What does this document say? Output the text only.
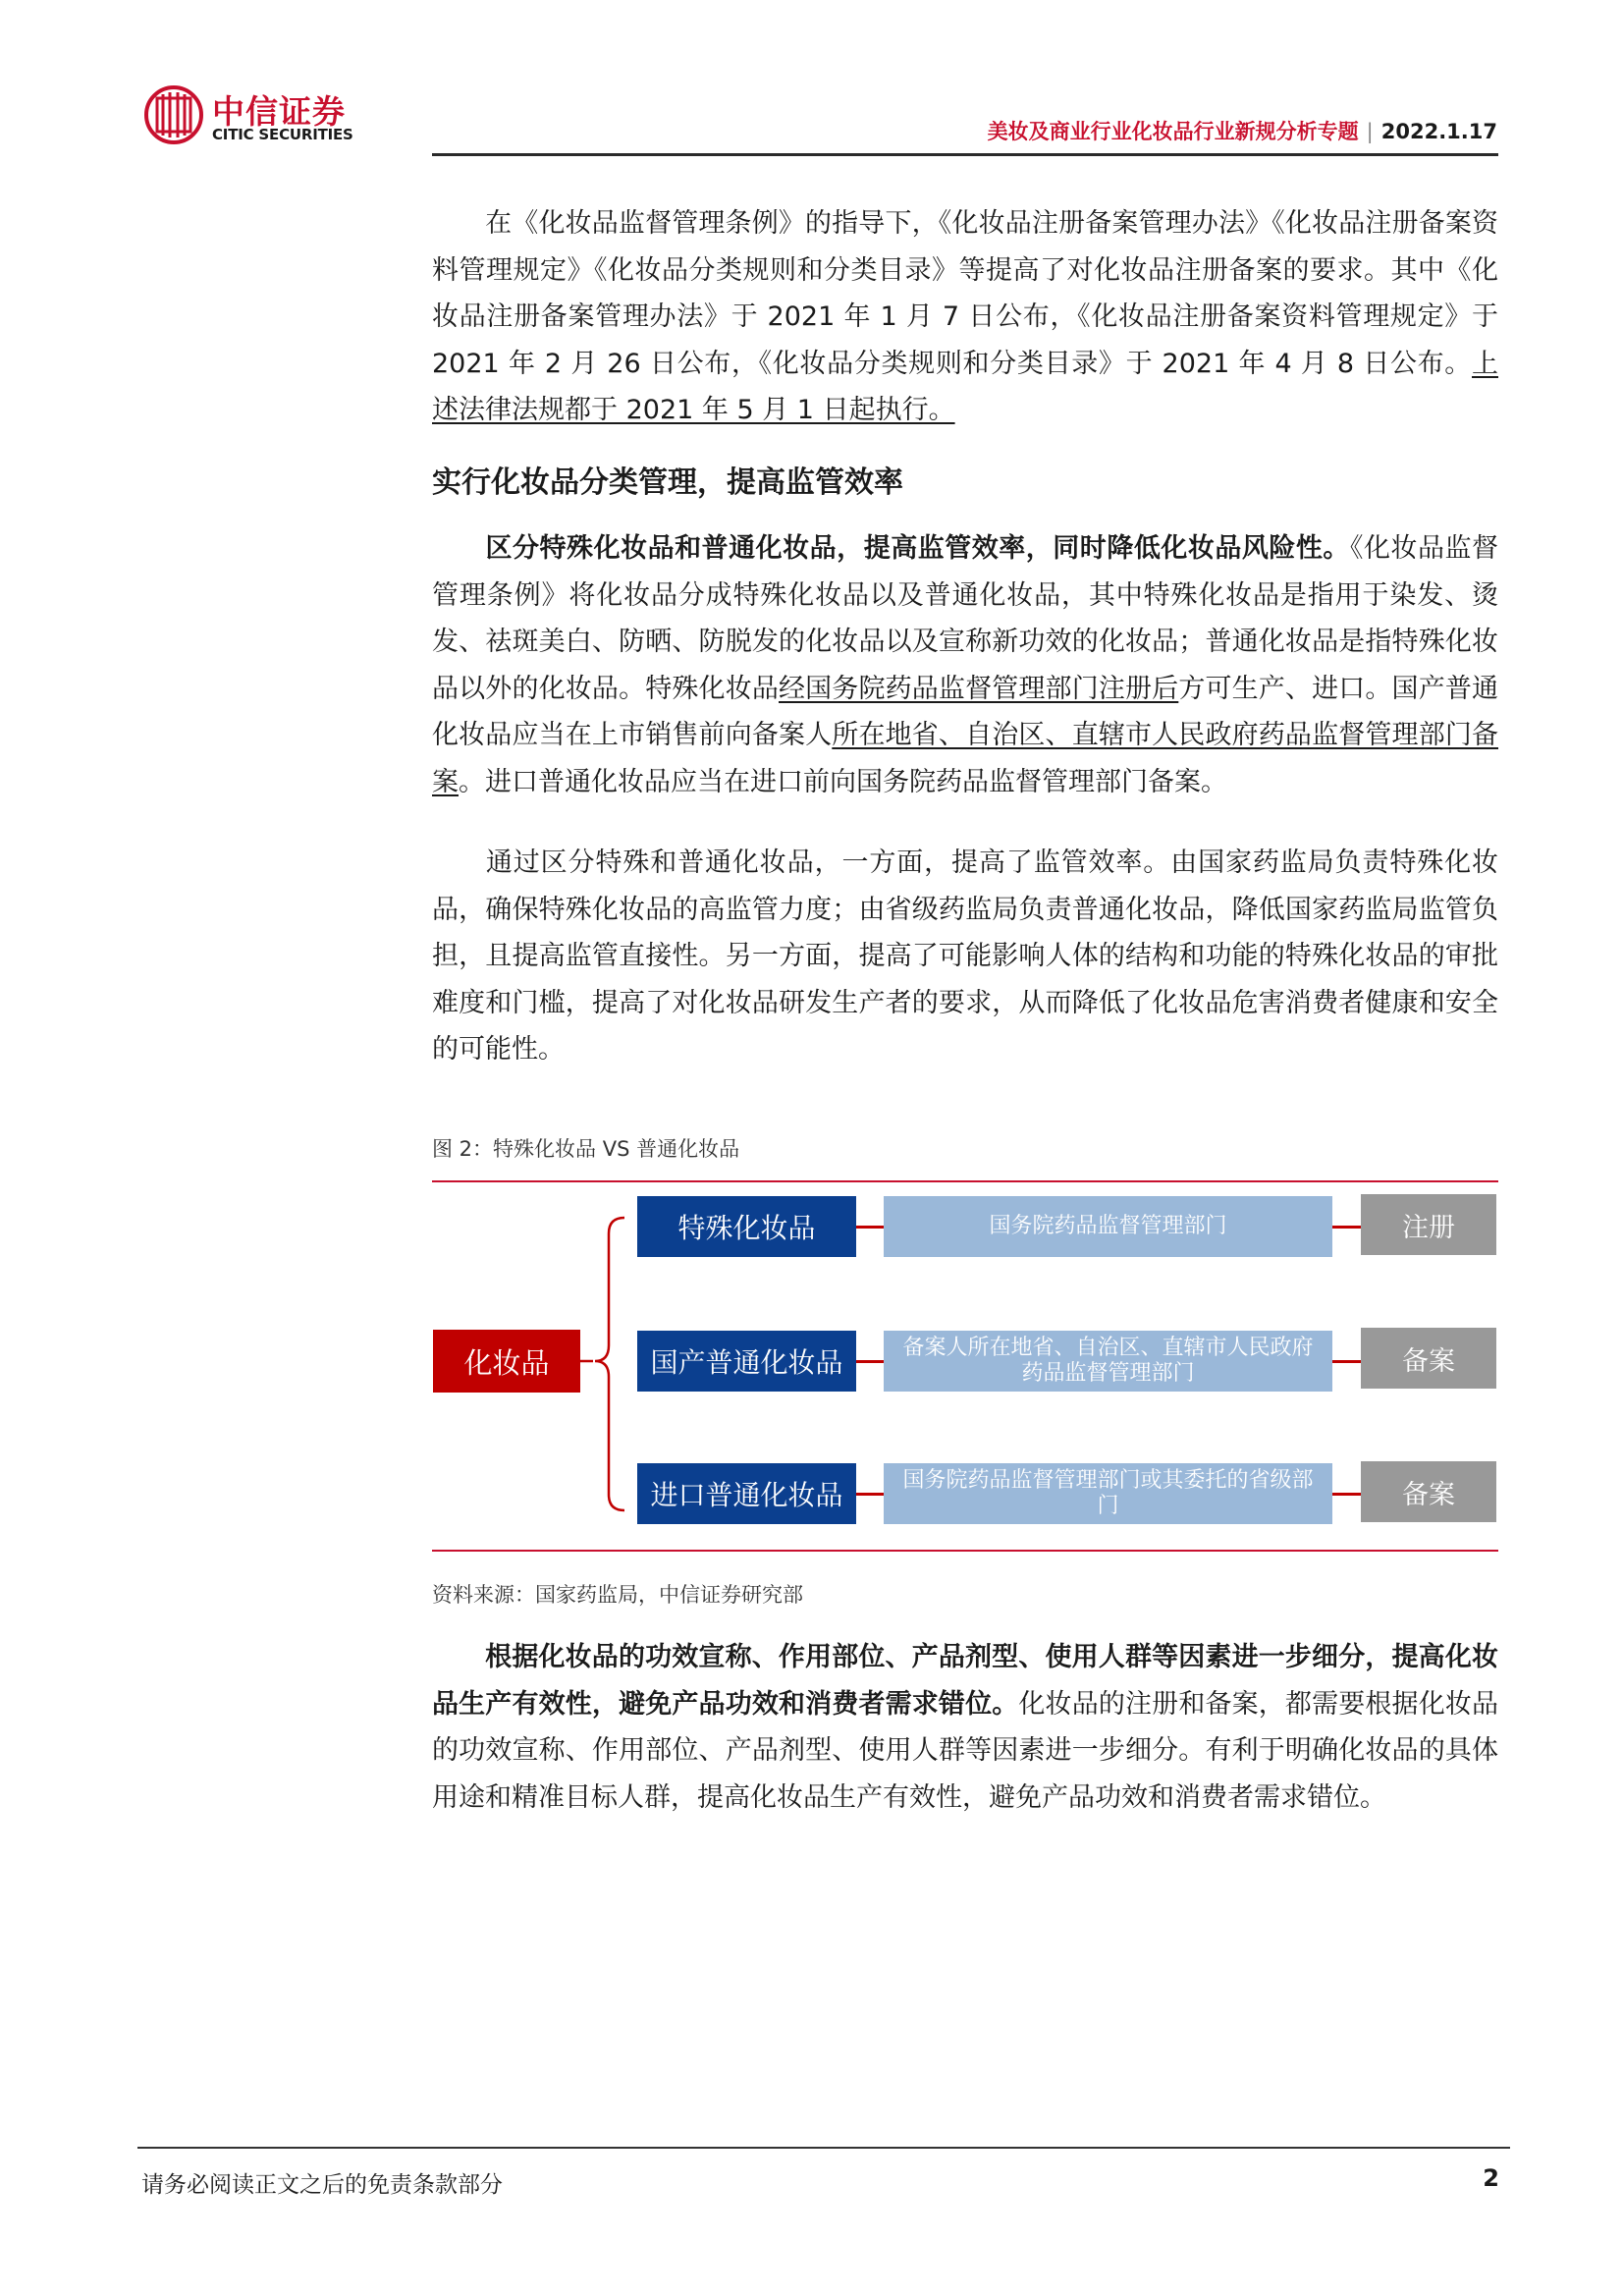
中信证券
CITIC SECURITIES	美妆及商业行业化妆品行业新规分析专题 | 2022.1.17

在《化妆品监督管理条例》的指导下，《化妆品注册备案管理办法》《化妆品注册备案资料管理规定》《化妆品分类规则和分类目录》等提高了对化妆品注册备案的要求。其中《化妆品注册备案管理办法》于 2021 年 1 月 7 日公布，《化妆品注册备案资料管理规定》于 2021 年 2 月 26 日公布，《化妆品分类规则和分类目录》于 2021 年 4 月 8 日公布。上述法律法规都于 2021 年 5 月 1 日起执行。

实行化妆品分类管理，提高监管效率

区分特殊化妆品和普通化妆品，提高监管效率，同时降低化妆品风险性。《化妆品监督管理条例》将化妆品分成特殊化妆品以及普通化妆品，其中特殊化妆品是指用于染发、烫发、祛斑美白、防晒、防脱发的化妆品以及宣称新功效的化妆品；普通化妆品是指特殊化妆品以外的化妆品。特殊化妆品经国务院药品监督管理部门注册后方可生产、进口。国产普通化妆品应当在上市销售前向备案人所在地省、自治区、直辖市人民政府药品监督管理部门备案。进口普通化妆品应当在进口前向国务院药品监督管理部门备案。

通过区分特殊和普通化妆品，一方面，提高了监管效率。由国家药监局负责特殊化妆品，确保特殊化妆品的高监管力度；由省级药监局负责普通化妆品，降低国家药监局监管负担，且提高监管直接性。另一方面，提高了可能影响人体的结构和功能的特殊化妆品的审批难度和门槛，提高了对化妆品研发生产者的要求，从而降低了化妆品危害消费者健康和安全的可能性。

图 2：特殊化妆品 VS 普通化妆品
化妆品
特殊化妆品	国务院药品监督管理部门	注册
国产普通化妆品	备案人所在地省、自治区、直辖市人民政府药品监督管理部门	备案
进口普通化妆品	国务院药品监督管理部门或其委托的省级部门	备案
资料来源：国家药监局，中信证券研究部

根据化妆品的功效宣称、作用部位、产品剂型、使用人群等因素进一步细分，提高化妆品生产有效性，避免产品功效和消费者需求错位。化妆品的注册和备案，都需要根据化妆品的功效宣称、作用部位、产品剂型、使用人群等因素进一步细分。有利于明确化妆品的具体用途和精准目标人群，提高化妆品生产有效性，避免产品功效和消费者需求错位。

请务必阅读正文之后的免责条款部分	2
